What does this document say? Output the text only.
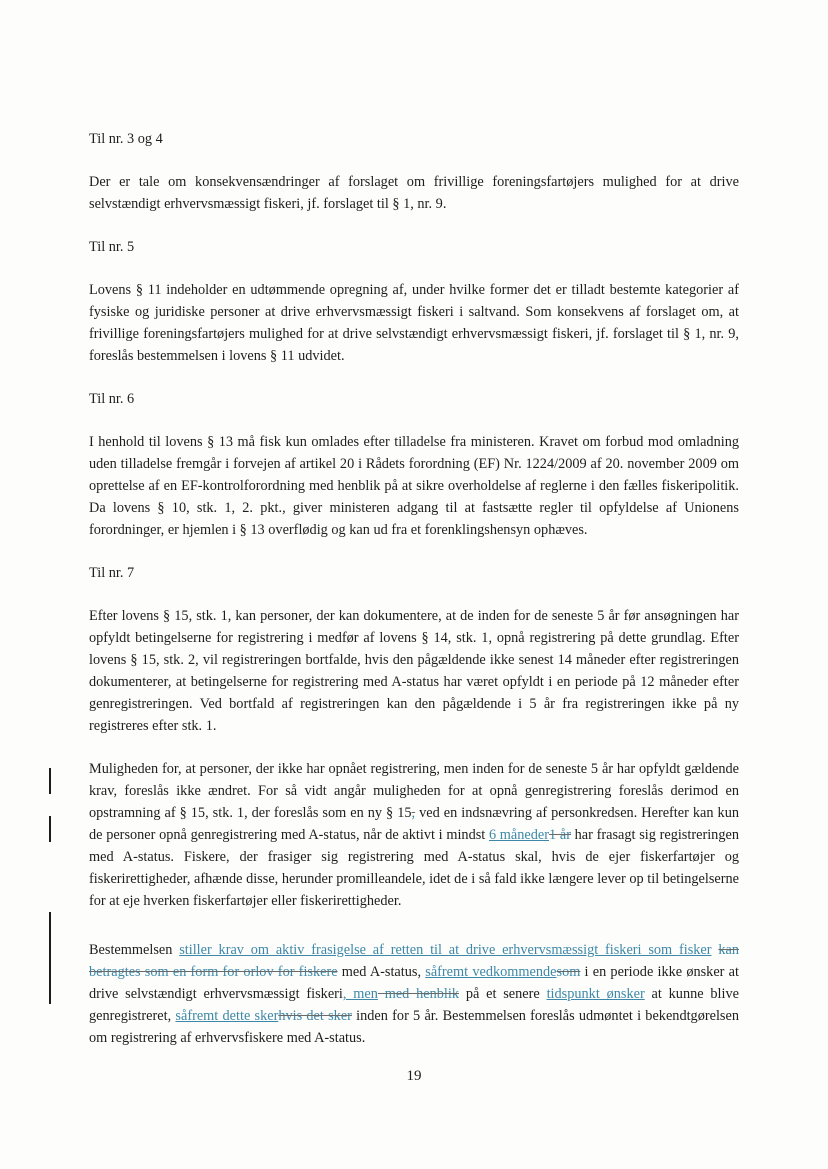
Til nr. 3 og 4

Der er tale om konsekvensændringer af forslaget om frivillige foreningsfartøjers mulighed for at drive selvstændigt erhvervsmæssigt fiskeri, jf. forslaget til § 1, nr. 9.

Til nr. 5

Lovens § 11 indeholder en udtømmende opregning af, under hvilke former det er tilladt bestemte kategorier af fysiske og juridiske personer at drive erhvervsmæssigt fiskeri i saltvand. Som konsekvens af forslaget om, at frivillige foreningsfartøjers mulighed for at drive selvstændigt erhvervsmæssigt fiskeri, jf. forslaget til § 1, nr. 9, foreslås bestemmelsen i lovens § 11 udvidet.

Til nr. 6

I henhold til lovens § 13 må fisk kun omlades efter tilladelse fra ministeren. Kravet om forbud mod omladning uden tilladelse fremgår i forvejen af artikel 20 i Rådets forordning (EF) Nr. 1224/2009 af 20. november 2009 om oprettelse af en EF-kontrolforordning med henblik på at sikre overholdelse af reglerne i den fælles fiskeripolitik. Da lovens § 10, stk. 1, 2. pkt., giver ministeren adgang til at fastsætte regler til opfyldelse af Unionens forordninger, er hjemlen i § 13 overflødig og kan ud fra et forenklingshensyn ophæves.

Til nr. 7

Efter lovens § 15, stk. 1, kan personer, der kan dokumentere, at de inden for de seneste 5 år før ansøgningen har opfyldt betingelserne for registrering i medfør af lovens § 14, stk. 1, opnå registrering på dette grundlag. Efter lovens § 15, stk. 2, vil registreringen bortfalde, hvis den pågældende ikke senest 14 måneder efter registreringen dokumenterer, at betingelserne for registrering med A-status har været opfyldt i en periode på 12 måneder efter genregistreringen. Ved bortfald af registreringen kan den pågældende i 5 år fra registreringen ikke på ny registreres efter stk. 1.

Muligheden for, at personer, der ikke har opnået registrering, men inden for de seneste 5 år har opfyldt gældende krav, foreslås ikke ændret. For så vidt angår muligheden for at opnå genregistrering foreslås derimod en opstramning af § 15, stk. 1, der foreslås som en ny § 15, ved en indsnævring af personkredsen. Herefter kan kun de personer opnå genregistrering med A-status, når de aktivt i mindst 6 måneder1 år har frasagt sig registreringen med A-status. Fiskere, der frasiger sig registrering med A-status skal, hvis de ejer fiskerfartøjer og fiskerirettigheder, afhænde disse, herunder promilleandele, idet de i så fald ikke længere lever op til betingelserne for at eje hverken fiskerfartøjer eller fiskerirettigheder.

Bestemmelsen stiller krav om aktiv frasigelse af retten til at drive erhvervsmæssigt fiskeri som fisker kan betragtes som en form for orlov for fiskere med A-status, såfremt vedkommendesom i en periode ikke ønsker at drive selvstændigt erhvervsmæssigt fiskeri, men med henblik på et senere tidspunkt ønsker at kunne blive genregistreret, såfremt dette skerhvis det sker inden for 5 år. Bestemmelsen foreslås udmøntet i bekendtgørelsen om registrering af erhvervsfiskere med A-status.

19
